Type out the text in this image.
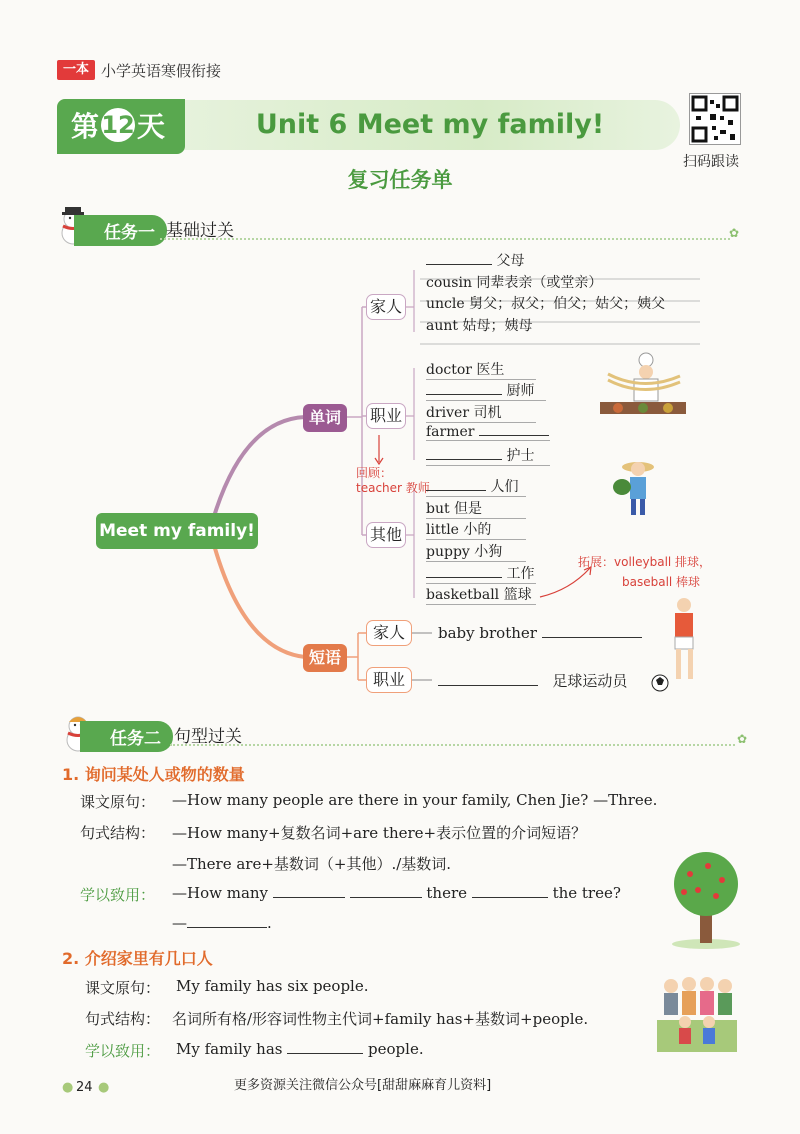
一本 小学英语寒假衔接
Unit 6 Meet my family!
第12天
扫码跟读
复习任务单
任务一 基础过关	✿
Meet my family!
单词
短语
家人
职业
其他
家人
职业
父母
cousin 同辈表亲（或堂亲）
uncle 舅父；叔父；伯父；姑父；姨父
aunt 姑母；姨母
doctor 医生
厨师
driver 司机
farmer
护士
回顾：teacher 教师	人们
but 但是
little 小的
puppy 小狗
工作
basketball 篮球
拓展：volleyball 排球，
baseball 棒球
baby brother
足球运动员
任务二 句型过关	✿
1. 询问某处人或物的数量
课文原句： —How many people are there in your family, Chen Jie? —Three.
句式结构： —How many+复数名词+are there+表示位置的介词短语？
—There are+基数词（+其他）./基数词.
学以致用： —How many	there	the tree?
—	.
2. 介绍家里有几口人
课文原句： My family has six people.
句式结构： 名词所有格/形容词性物主代词+family has+基数词+people.
学以致用： My family has	people.
● 24 ●	更多资源关注微信公众号[甜甜麻麻育儿资料]
